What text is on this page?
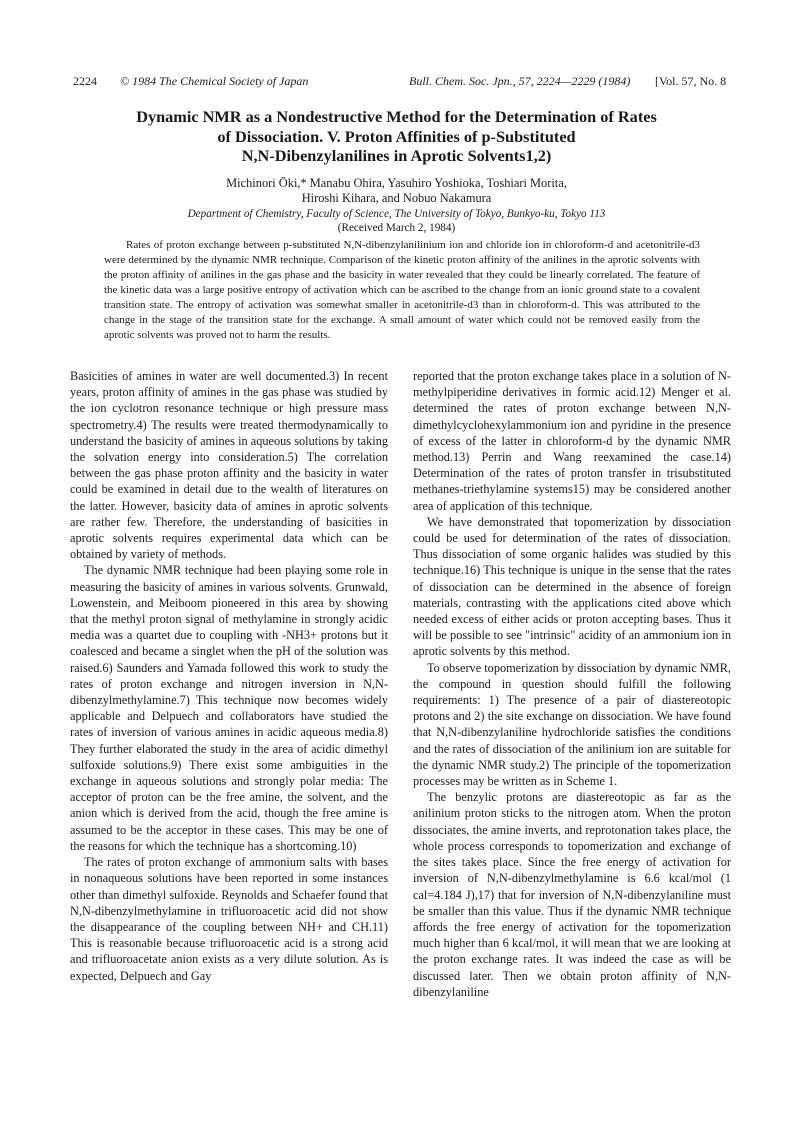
2224 © 1984 The Chemical Society of Japan	Bull. Chem. Soc. Jpn., 57, 2224—2229 (1984) [Vol. 57, No. 8
Dynamic NMR as a Nondestructive Method for the Determination of Rates
of Dissociation. V. Proton Affinities of p-Substituted
N,N-Dibenzylanilines in Aprotic Solvents1,2)
Michinori Ōki,* Manabu Ohira, Yasuhiro Yoshioka, Toshiari Morita,
Hiroshi Kihara, and Nobuo Nakamura
Department of Chemistry, Faculty of Science, The University of Tokyo, Bunkyo-ku, Tokyo 113
(Received March 2, 1984)

Rates of proton exchange between p-substituted N,N-dibenzylanilinium ion and chloride ion in chloroform-d and acetonitrile-d3 were determined by the dynamic NMR technique. Comparison of the kinetic proton affinity of the anilines in the aprotic solvents with the proton affinity of anilines in the gas phase and the basicity in water revealed that they could be linearly correlated. The feature of the kinetic data was a large positive entropy of activation which can be ascribed to the change from an ionic ground state to a covalent transition state. The entropy of activation was somewhat smaller in acetonitrile-d3 than in chloroform-d. This was attributed to the change in the stage of the transition state for the exchange. A small amount of water which could not be removed easily from the aprotic solvents was proved not to harm the results.

Basicities of amines in water are well documented.3) In recent years, proton affinity of amines in the gas phase was studied by the ion cyclotron resonance technique or high pressure mass spectrometry.4) The results were treated thermodynamically to understand the basicity of amines in aqueous solutions by taking the solvation energy into consideration.5) The correlation between the gas phase proton affinity and the basicity in water could be examined in detail due to the wealth of literatures on the latter. However, basicity data of amines in aprotic solvents are rather few. Therefore, the understanding of basicities in aprotic solvents requires experimental data which can be obtained by variety of methods.

The dynamic NMR technique had been playing some role in measuring the basicity of amines in various solvents. Grunwald, Lowenstein, and Meiboom pioneered in this area by showing that the methyl proton signal of methylamine in strongly acidic media was a quartet due to coupling with -NH3+ protons but it coalesced and became a singlet when the pH of the solution was raised.6) Saunders and Yamada followed this work to study the rates of proton exchange and nitrogen inversion in N,N-dibenzylmethylamine.7) This technique now becomes widely applicable and Delpuech and collaborators have studied the rates of inversion of various amines in acidic aqueous media.8) They further elaborated the study in the area of acidic dimethyl sulfoxide solutions.9) There exist some ambiguities in the exchange in aqueous solutions and strongly polar media: The acceptor of proton can be the free amine, the solvent, and the anion which is derived from the acid, though the free amine is assumed to be the acceptor in these cases. This may be one of the reasons for which the technique has a shortcoming.10)

The rates of proton exchange of ammonium salts with bases in nonaqueous solutions have been reported in some instances other than dimethyl sulfoxide. Reynolds and Schaefer found that N,N-dibenzylmethylamine in trifluoroacetic acid did not show the disappearance of the coupling between NH+ and CH.11) This is reasonable because trifluoroacetic acid is a strong acid and trifluoroacetate anion exists as a very dilute solution. As is expected, Delpuech and Gay

reported that the proton exchange takes place in a solution of N-methylpiperidine derivatives in formic acid.12) Menger et al. determined the rates of proton exchange between N,N-dimethylcyclohexylammonium ion and pyridine in the presence of excess of the latter in chloroform-d by the dynamic NMR method.13) Perrin and Wang reexamined the case.14) Determination of the rates of proton transfer in trisubstituted methanes-triethylamine systems15) may be considered another area of application of this technique.

We have demonstrated that topomerization by dissociation could be used for determination of the rates of dissociation. Thus dissociation of some organic halides was studied by this technique.16) This technique is unique in the sense that the rates of dissociation can be determined in the absence of foreign materials, contrasting with the applications cited above which needed excess of either acids or proton accepting bases. Thus it will be possible to see "intrinsic" acidity of an ammonium ion in aprotic solvents by this method.

To observe topomerization by dissociation by dynamic NMR, the compound in question should fulfill the following requirements: 1) The presence of a pair of diastereotopic protons and 2) the site exchange on dissociation. We have found that N,N-dibenzylaniline hydrochloride satisfies the conditions and the rates of dissociation of the anilinium ion are suitable for the dynamic NMR study.2) The principle of the topomerization processes may be written as in Scheme 1.

The benzylic protons are diastereotopic as far as the anilinium proton sticks to the nitrogen atom. When the proton dissociates, the amine inverts, and reprotonation takes place, the whole process corresponds to topomerization and exchange of the sites takes place. Since the free energy of activation for inversion of N,N-dibenzylmethylamine is 6.6 kcal/mol (1 cal=4.184 J),17) that for inversion of N,N-dibenzylaniline must be smaller than this value. Thus if the dynamic NMR technique affords the free energy of activation for the topomerization much higher than 6 kcal/mol, it will mean that we are looking at the proton exchange rates. It was indeed the case as will be discussed later. Then we obtain proton affinity of N,N-dibenzylaniline
